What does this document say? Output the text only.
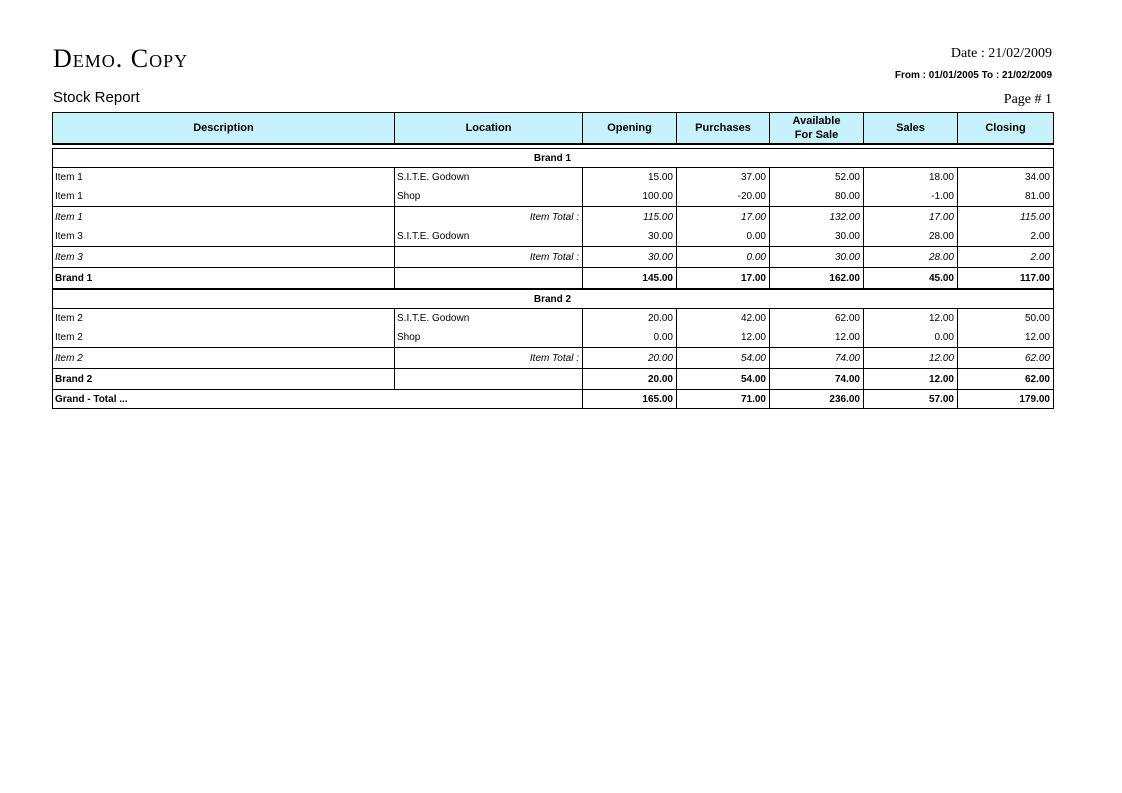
Demo. Copy
Stock Report
Date : 21/02/2009
From : 01/01/2005 To : 21/02/2009
Page # 1
Description	Location	Opening	Purchases	Available For Sale	Sales	Closing

Brand 1						
Item 1	S.I.T.E. Godown	15.00	37.00	52.00	18.00	34.00
Item 1	Shop	100.00	-20.00	80.00	-1.00	81.00
Item 1	Item Total :	115.00	17.00	132.00	17.00	115.00
Item 3	S.I.T.E. Godown	30.00	0.00	30.00	28.00	2.00
Item 3	Item Total :	30.00	0.00	30.00	28.00	2.00
Brand 1		145.00	17.00	162.00	45.00	117.00
Brand 2						
Item 2	S.I.T.E. Godown	20.00	42.00	62.00	12.00	50.00
Item 2	Shop	0.00	12.00	12.00	0.00	12.00
Item 2	Item Total :	20.00	54.00	74.00	12.00	62.00
Brand 2		20.00	54.00	74.00	12.00	62.00
Grand - Total ...		165.00	71.00	236.00	57.00	179.00
